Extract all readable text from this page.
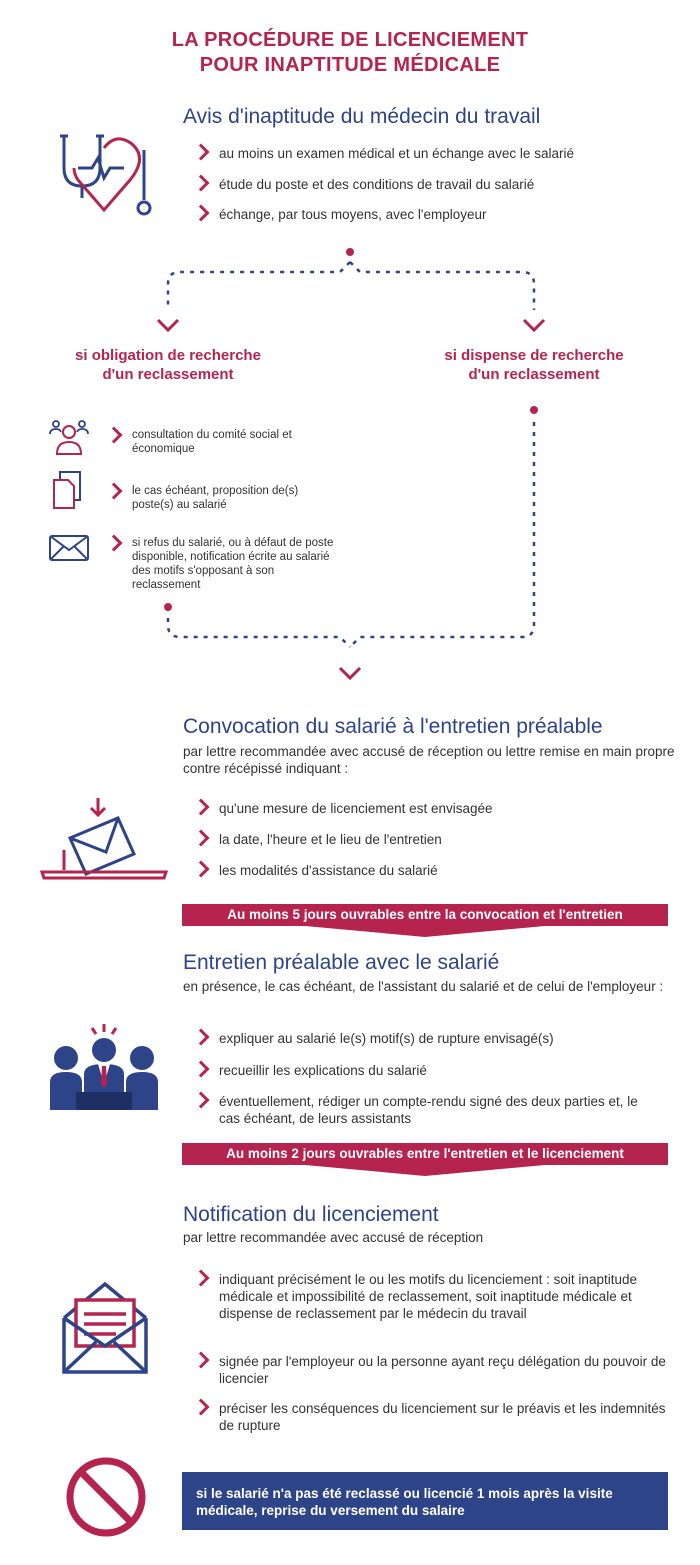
LA PROCÉDURE DE LICENCIEMENT
POUR INAPTITUDE MÉDICALE
Avis d'inaptitude du médecin du travail
au moins un examen médical et un échange avec le salarié
étude du poste et des conditions de travail du salarié
échange, par tous moyens, avec l'employeur
si obligation de recherche
d'un reclassement
si dispense de recherche
d'un reclassement
consultation du comité social et économique
le cas échéant, proposition de(s) poste(s) au salarié
si refus du salarié, ou à défaut de poste disponible, notification écrite au salarié des motifs s'opposant à son reclassement
Convocation du salarié à l'entretien préalable
par lettre recommandée avec accusé de réception ou lettre remise en main propre contre récépissé indiquant :
qu'une mesure de licenciement est envisagée
la date, l'heure et le lieu de l'entretien
les modalités d'assistance du salarié
Au moins 5 jours ouvrables entre la convocation et l'entretien
Entretien préalable avec le salarié
en présence, le cas échéant, de l'assistant du salarié et de celui de l'employeur :
expliquer au salarié le(s) motif(s) de rupture envisagé(s)
recueillir les explications du salarié
éventuellement, rédiger un compte-rendu signé des deux parties et, le cas échéant, de leurs assistants
Au moins 2 jours ouvrables entre l'entretien et le licenciement
Notification du licenciement
par lettre recommandée avec accusé de réception
indiquant précisément le ou les motifs du licenciement : soit inaptitude médicale et impossibilité de reclassement, soit inaptitude médicale et dispense de reclassement par le médecin du travail
signée par l'employeur ou la personne ayant reçu délégation du pouvoir de licencier
préciser les conséquences du licenciement sur le préavis et les indemnités de rupture
si le salarié n'a pas été reclassé ou licencié 1 mois après la visite médicale, reprise du versement du salaire
